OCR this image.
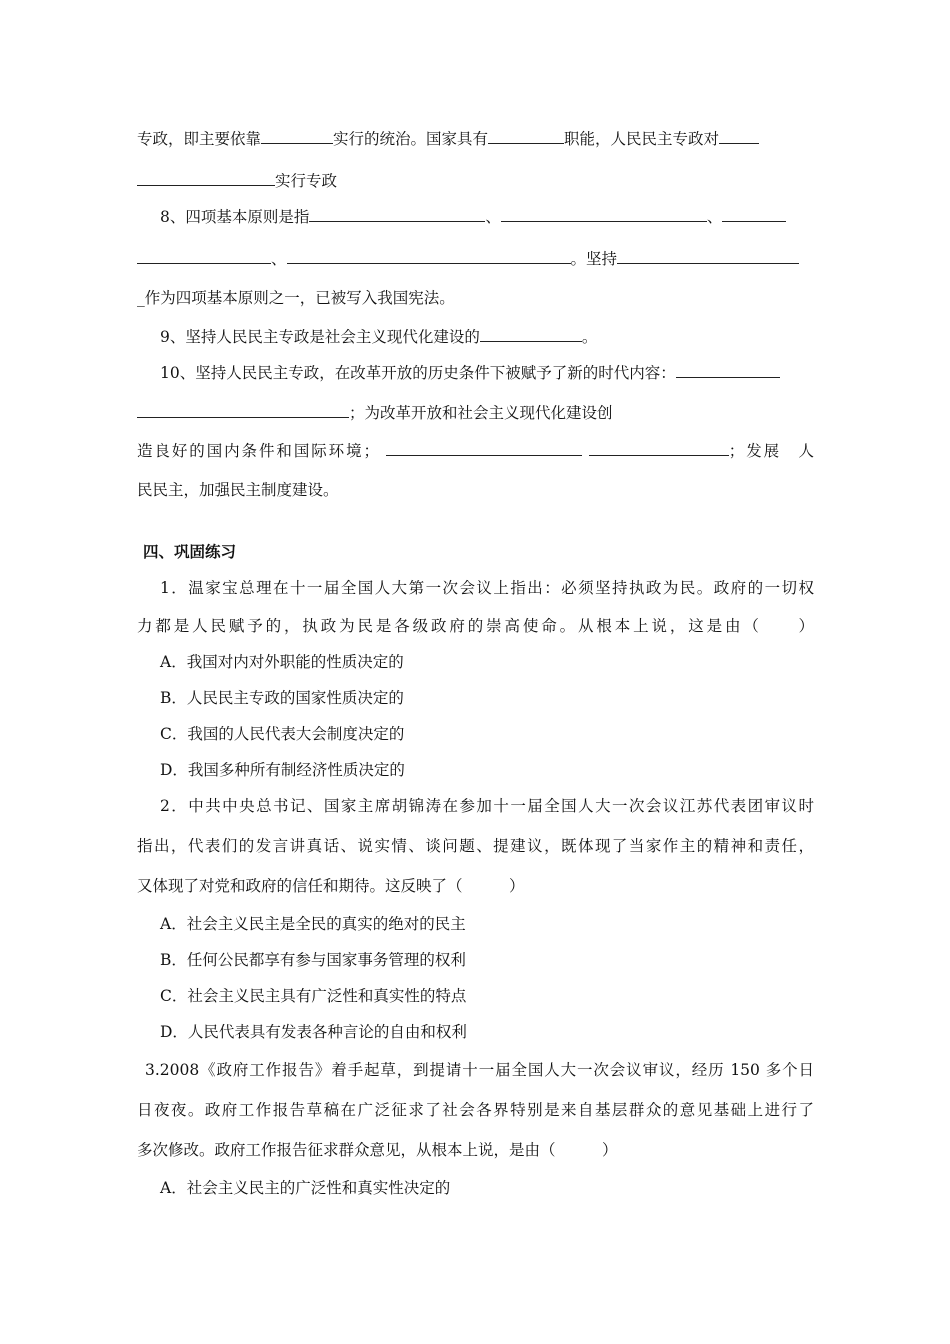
专政，即主要依靠	实行的统治。国家具有	职能，人民民主专政对
实行专政
8、四项基本原则是指	、	、
、	。坚持
_作为四项基本原则之一，已被写入我国宪法。
9、坚持人民民主专政是社会主义现代化建设的	。
10、坚持人民民主专政，在改革开放的历史条件下被赋予了新的时代内容：
；为改革开放和社会主义现代化建设创
造良好的国内条件和国际环境；	；发展　人
民民主，加强民主制度建设。
四、巩固练习
1．温家宝总理在十一届全国人大第一次会议上指出：必须坚持执政为民。政府的一切权
力都是人民赋予的，执政为民是各级政府的崇高使命。从根本上说，这是由（　　）
A．我国对内对外职能的性质决定的
B．人民民主专政的国家性质决定的
C．我国的人民代表大会制度决定的
D．我国多种所有制经济性质决定的
2．中共中央总书记、国家主席胡锦涛在参加十一届全国人大一次会议江苏代表团审议时
指出，代表们的发言讲真话、说实情、谈问题、提建议，既体现了当家作主的精神和责任，
又体现了对党和政府的信任和期待。这反映了（　　　）
A．社会主义民主是全民的真实的绝对的民主
B．任何公民都享有参与国家事务管理的权利
C．社会主义民主具有广泛性和真实性的特点
D．人民代表具有发表各种言论的自由和权利
3.2008《政府工作报告》着手起草，到提请十一届全国人大一次会议审议，经历 150 多个日
日夜夜。政府工作报告草稿在广泛征求了社会各界特别是来自基层群众的意见基础上进行了
多次修改。政府工作报告征求群众意见，从根本上说，是由（　　　）
A．社会主义民主的广泛性和真实性决定的
